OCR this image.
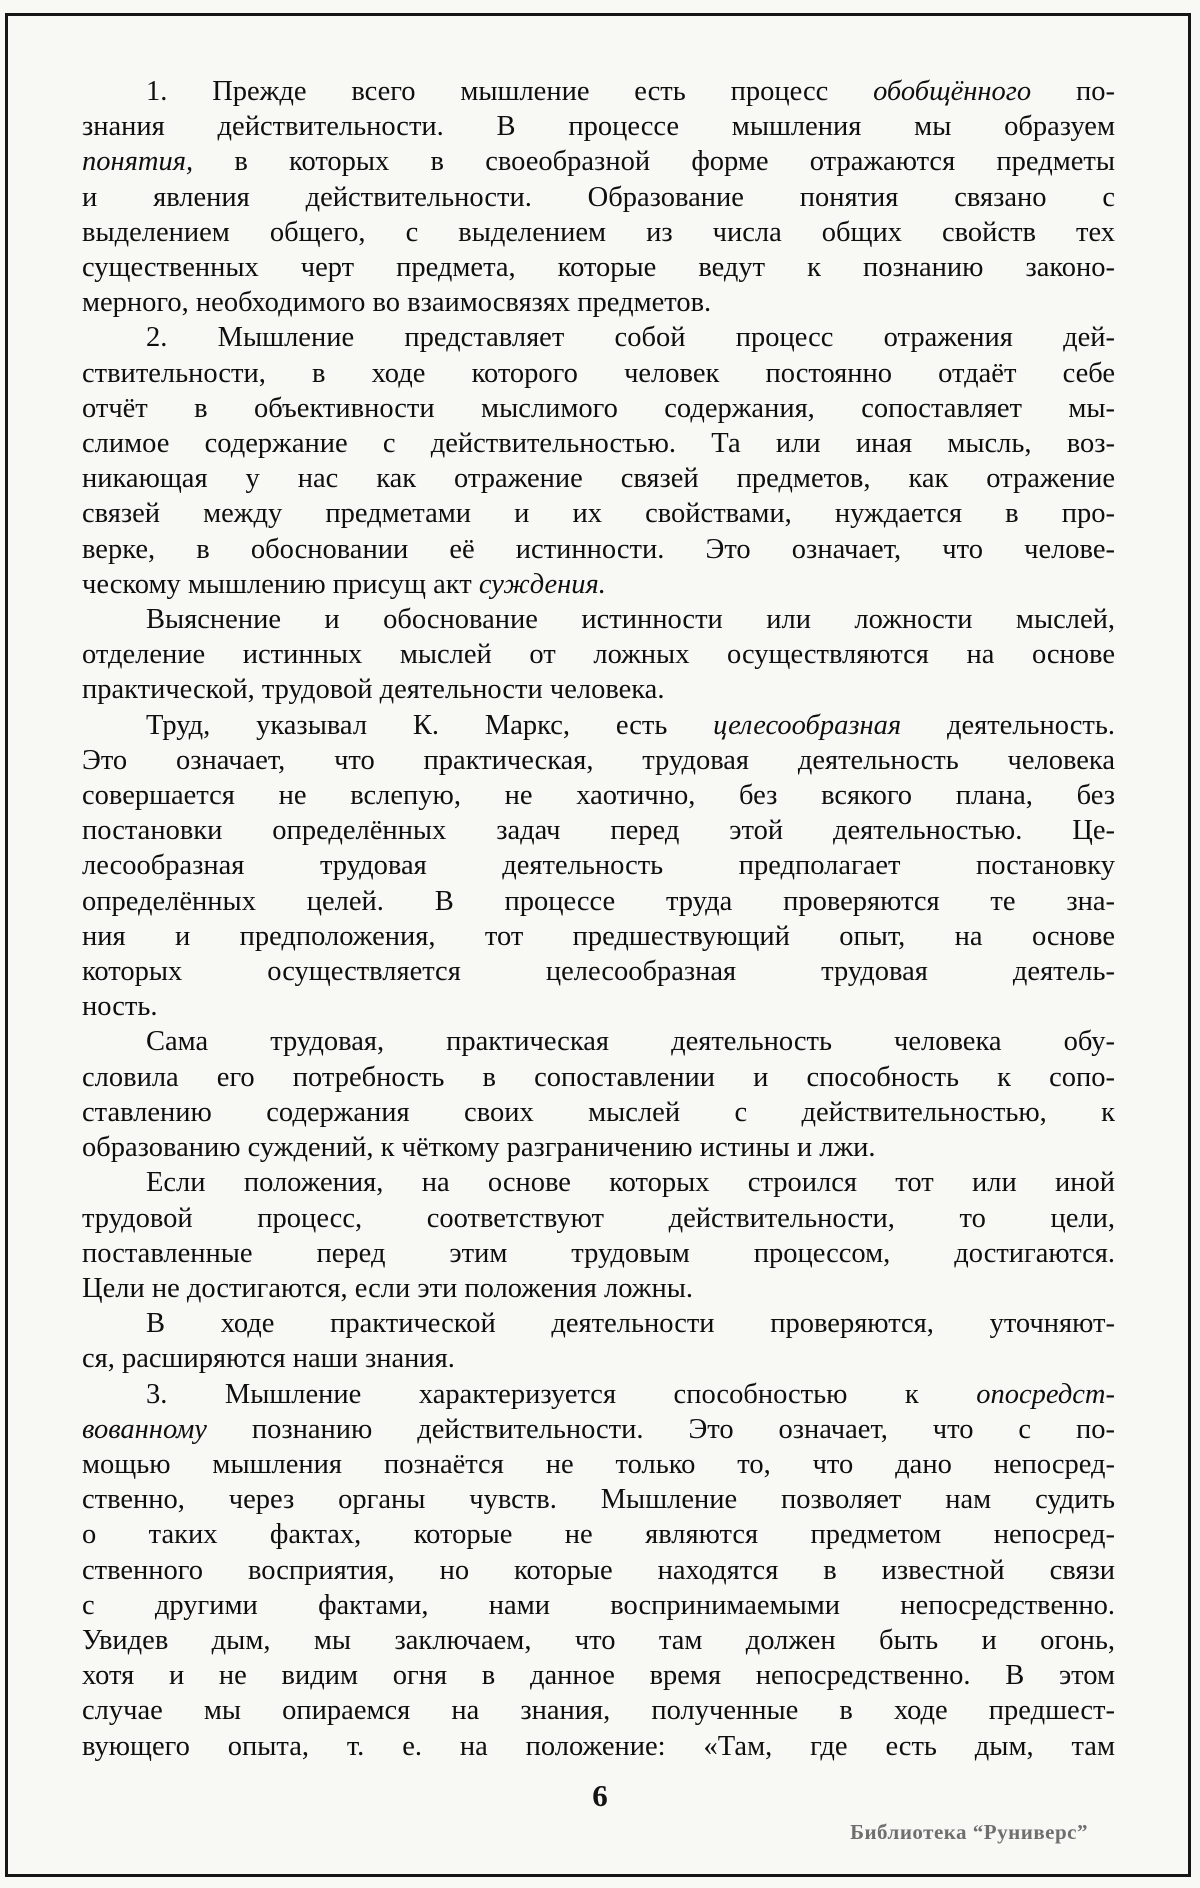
1. Прежде всего мышление есть процесс обобщённого по-
знания действительности. В процессе мышления мы образуем
понятия, в которых в своеобразной форме отражаются предметы
и явления действительности. Образование понятия связано с
выделением общего, с выделением из числа общих свойств тех
существенных черт предмета, которые ведут к познанию законо-
мерного, необходимого во взаимосвязях предметов.
2. Мышление представляет собой процесс отражения дей-
ствительности, в ходе которого человек постоянно отдаёт себе
отчёт в объективности мыслимого содержания, сопоставляет мы-
слимое содержание с действительностью. Та или иная мысль, воз-
никающая у нас как отражение связей предметов, как отражение
связей между предметами и их свойствами, нуждается в про-
верке, в обосновании её истинности. Это означает, что челове-
ческому мышлению присущ акт суждения.
Выяснение и обоснование истинности или ложности мыслей,
отделение истинных мыслей от ложных осуществляются на основе
практической, трудовой деятельности человека.
Труд, указывал К. Маркс, есть целесообразная деятельность.
Это означает, что практическая, трудовая деятельность человека
совершается не вслепую, не хаотично, без всякого плана, без
постановки определённых задач перед этой деятельностью. Це-
лесообразная трудовая деятельность предполагает постановку
определённых целей. В процессе труда проверяются те зна-
ния и предположения, тот предшествующий опыт, на основе
которых осуществляется целесообразная трудовая деятель-
ность.
Сама трудовая, практическая деятельность человека обу-
словила его потребность в сопоставлении и способность к сопо-
ставлению содержания своих мыслей с действительностью, к
образованию суждений, к чёткому разграничению истины и лжи.
Если положения, на основе которых строился тот или иной
трудовой процесс, соответствуют действительности, то цели,
поставленные перед этим трудовым процессом, достигаются.
Цели не достигаются, если эти положения ложны.
В ходе практической деятельности проверяются, уточняют-
ся, расширяются наши знания.
3. Мышление характеризуется способностью к опосредст-
вованному познанию действительности. Это означает, что с по-
мощью мышления познаётся не только то, что дано непосред-
ственно, через органы чувств. Мышление позволяет нам судить
о таких фактах, которые не являются предметом непосред-
ственного восприятия, но которые находятся в известной связи
с другими фактами, нами воспринимаемыми непосредственно.
Увидев дым, мы заключаем, что там должен быть и огонь,
хотя и не видим огня в данное время непосредственно. В этом
случае мы опираемся на знания, полученные в ходе предшест-
вующего опыта, т. е. на положение: «Там, где есть дым, там
6
Библиотека “Руниверс”
